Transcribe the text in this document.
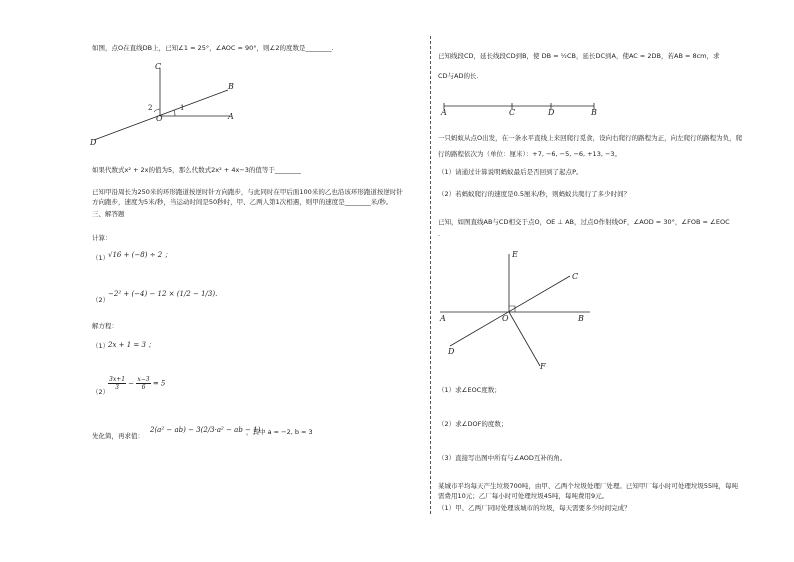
如图，点O在直线DB上，已知∠1 = 25°，∠AOC = 90°，则∠2的度数是________.
C
B
O	A
D
1
2
如果代数式x² + 2x的值为5，那么代数式2x² + 4x−3的值等于________
已知甲沿周长为250米的环形跑道按逆时针方向跑步，与此同时在甲后面100米的乙也沿该环形跑道按逆时针
方向跑步，速度为5米/秒，当运动时间是50秒时，甲、乙两人第1次相遇，则甲的速度是________米/秒。
三、解答题
计算：
（1）
√16 + (−8) ÷ 2 ；
（2）
−2² + (−4) − 12 × (1/2 − 1/3).
解方程：
（1）
2x + 1 = 3 ；
（2）
$\frac{3x+1}{3} - \frac{x-3}{6} = 5$
先化简，再求值：
2(a² − ab) − 3(2/3·a² − ab − 1)
，其中 a = −2, b = 3
已知线段CD，延长线段CD到B，使 DB = ½CB，延长DC到A，使AC = 2DB，若AB = 8cm，求
CD与AD的长.
A	C	D	B
一只蚂蚁从点O出发，在一条水平直线上来回爬行觅食，设向右爬行的路程为正，向左爬行的路程为负，爬
行的路程依次为（单位：厘米）：+7, −6, −5, −6, +13, −3。
（1）请通过计算说明蚂蚁最后是否回到了起点P。
（2）若蚂蚁爬行的速度是0.5厘米/秒，则蚂蚁共爬行了多少时间？
已知，如图直线AB与CD相交于点O，OE ⊥ AB，过点O作射线OF，∠AOD = 30°，∠FOB = ∠EOC
.
E
C
A	O	B
D
F
（1）求∠EOC度数；
（2）求∠DOF的度数；
（3）直接写出图中所有与∠AOD互补的角。
某城市平均每天产生垃圾700吨，由甲、乙两个垃圾处理厂处理。已知甲厂每小时可处理垃圾55吨，每吨
需费用10元；乙厂每小时可处理垃圾45吨，每吨费用9元。
（1）甲、乙两厂同时处理该城市的垃圾，每天需要多少时间完成？
